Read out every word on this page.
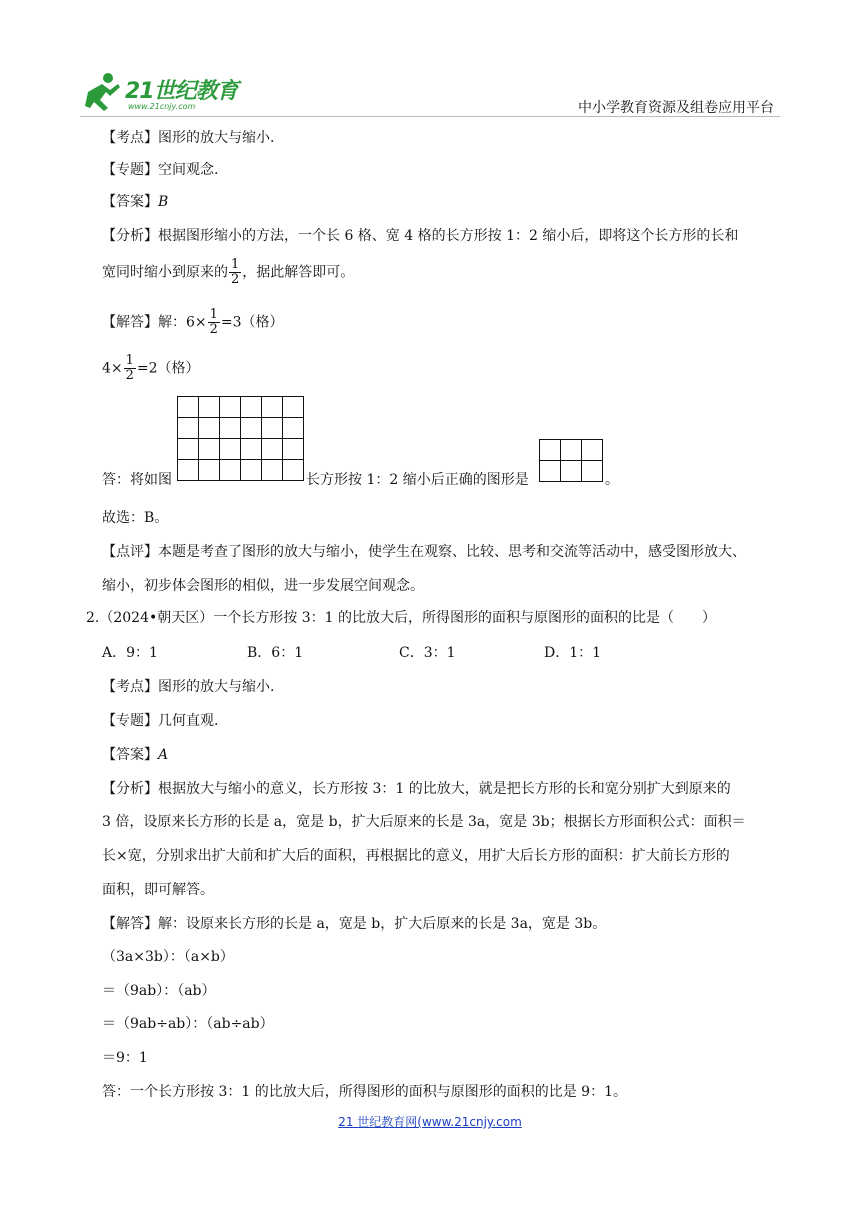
21世纪教育
www.21cnjy.com	中小学教育资源及组卷应用平台
【考点】图形的放大与缩小.
【专题】空间观念.
【答案】B
【分析】根据图形缩小的方法，一个长 6 格、宽 4 格的长方形按 1：2 缩小后，即将这个长方形的长和
宽同时缩小到原来的 $\frac{1}{2}$ ，据此解答即可。
【解答】解：$6\times \frac{1}{2} =3$（格）
$4\times \frac{1}{2} =2$（格）

答：将如图	长方形按 1：2 缩小后正确的图形是	。
故选：B。
【点评】本题是考查了图形的放大与缩小，使学生在观察、比较、思考和交流等活动中，感受图形放大、
缩小，初步体会图形的相似，进一步发展空间观念。
2.（2024•朝天区）一个长方形按 3：1 的比放大后，所得图形的面积与原图形的面积的比是（　　）
A．9：1	B．6：1	C．3：1	D．1：1
【考点】图形的放大与缩小.
【专题】几何直观.
【答案】A
【分析】根据放大与缩小的意义，长方形按 3：1 的比放大，就是把长方形的长和宽分别扩大到原来的
3 倍，设原来长方形的长是 a，宽是 b，扩大后原来的长是 3a，宽是 3b；根据长方形面积公式：面积＝
长×宽，分别求出扩大前和扩大后的面积，再根据比的意义，用扩大后长方形的面积：扩大前长方形的
面积，即可解答。
【解答】解：设原来长方形的长是 a，宽是 b，扩大后原来的长是 3a，宽是 3b。
（3a×3b）：（a×b）
＝（9ab）：（ab）
＝（9ab÷ab）：（ab÷ab）
＝9：1
答：一个长方形按 3：1 的比放大后，所得图形的面积与原图形的面积的比是 9：1。
21 世纪教育网(www.21cnjy.com
